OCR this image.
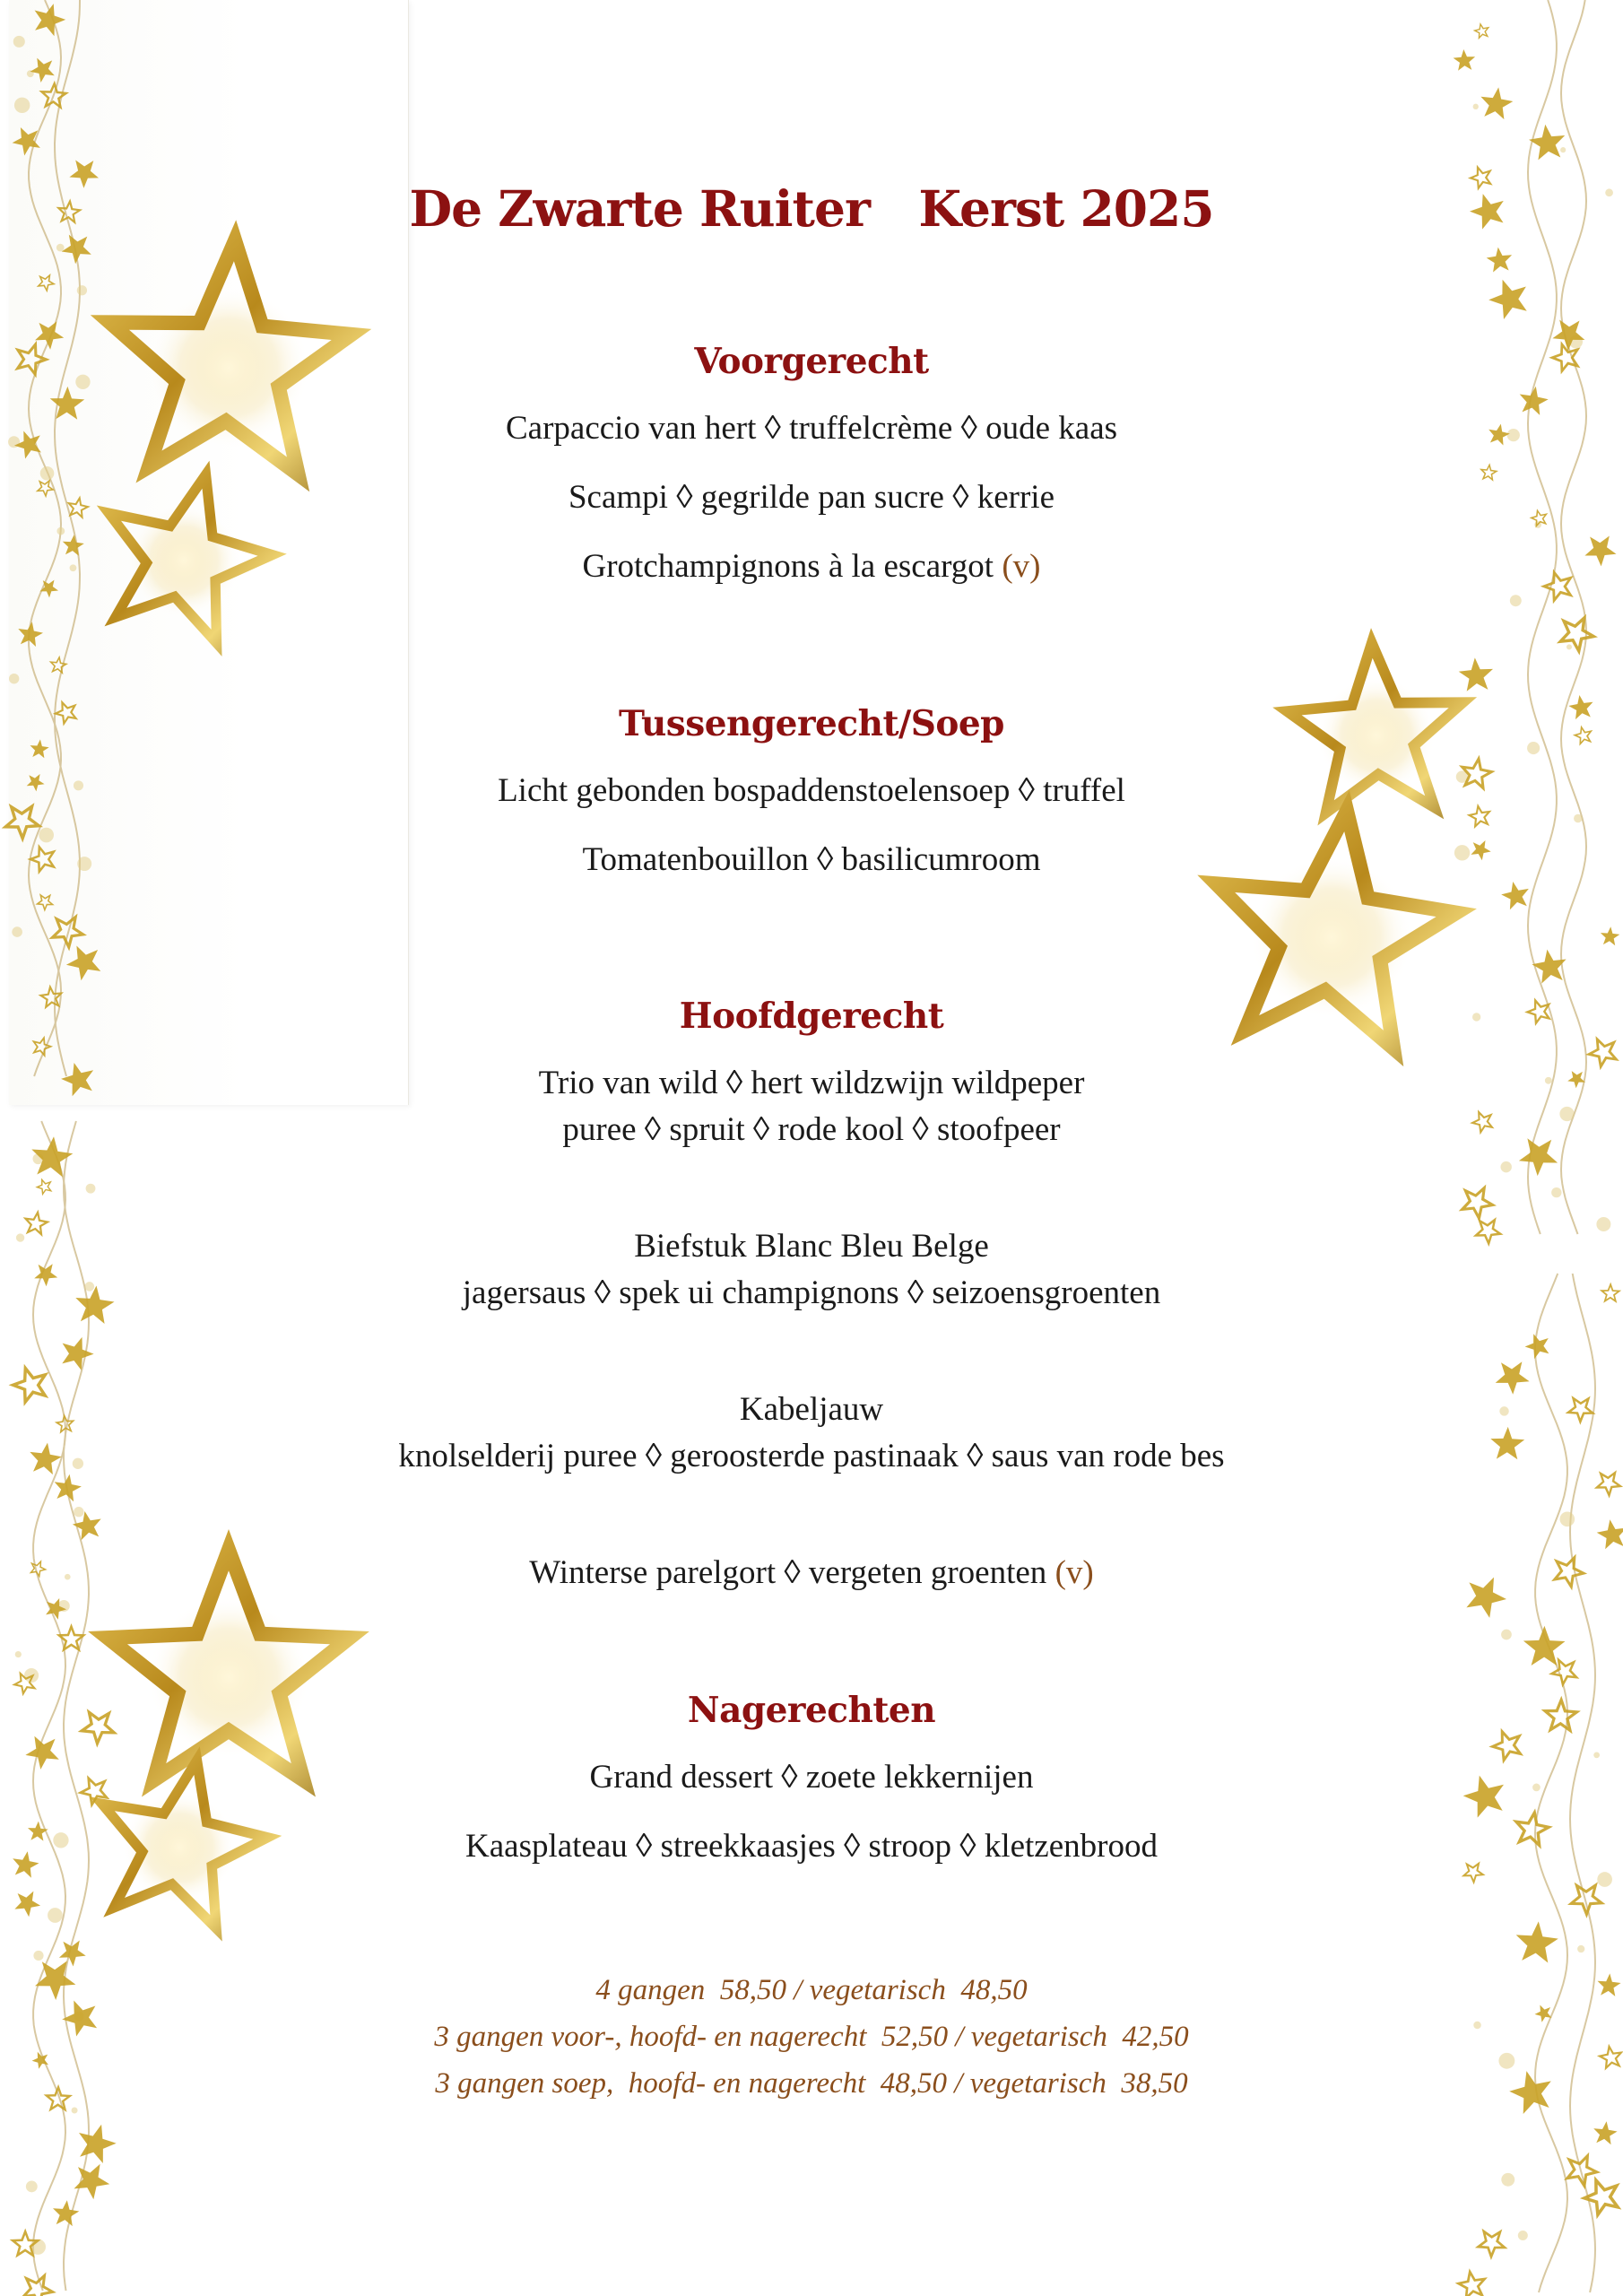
De Zwarte Ruiter   Kerst 2025
Voorgerecht
Carpaccio van hert ◊ truffelcrème ◊ oude kaas
Scampi ◊ gegrilde pan sucre ◊ kerrie
Grotchampignons à la escargot (v)
Tussengerecht/Soep
Licht gebonden bospaddenstoelensoep ◊ truffel
Tomatenbouillon ◊ basilicumroom
Hoofdgerecht
Trio van wild ◊ hert wildzwijn wildpeper
puree ◊ spruit ◊ rode kool ◊ stoofpeer
Biefstuk Blanc Bleu Belge
jagersaus ◊ spek ui champignons ◊ seizoensgroenten
Kabeljauw
knolselderij puree ◊ geroosterde pastinaak ◊ saus van rode bes
Winterse parelgort ◊ vergeten groenten (v)
Nagerechten
Grand dessert ◊ zoete lekkernijen
Kaasplateau ◊ streekkaasjes ◊ stroop ◊ kletzenbrood
4 gangen  58,50 / vegetarisch  48,50
3 gangen voor-, hoofd- en nagerecht  52,50 / vegetarisch  42,50
3 gangen soep,  hoofd- en nagerecht  48,50 / vegetarisch  38,50
